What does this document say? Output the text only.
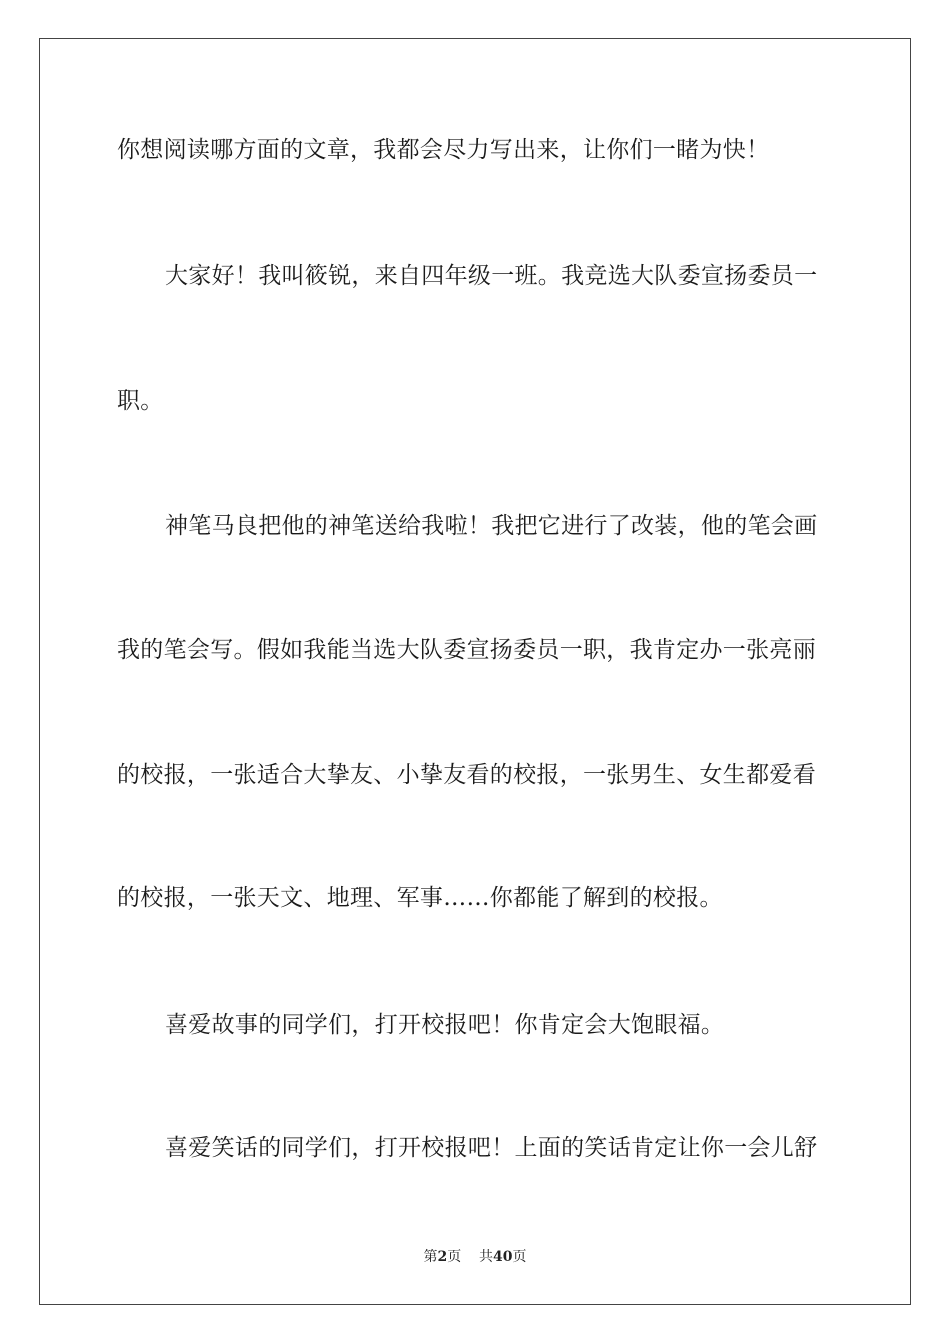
你想阅读哪方面的文章，我都会尽力写出来，让你们一睹为快！

大家好！我叫筱锐，来自四年级一班。我竞选大队委宣扬委员一

职。

神笔马良把他的神笔送给我啦！我把它进行了改装，他的笔会画

我的笔会写。假如我能当选大队委宣扬委员一职，我肯定办一张亮丽

的校报，一张适合大挚友、小挚友看的校报，一张男生、女生都爱看

的校报，一张天文、地理、军事……你都能了解到的校报。

喜爱故事的同学们，打开校报吧！你肯定会大饱眼福。

喜爱笑话的同学们，打开校报吧！上面的笑话肯定让你一会儿舒

第2页 共40页
